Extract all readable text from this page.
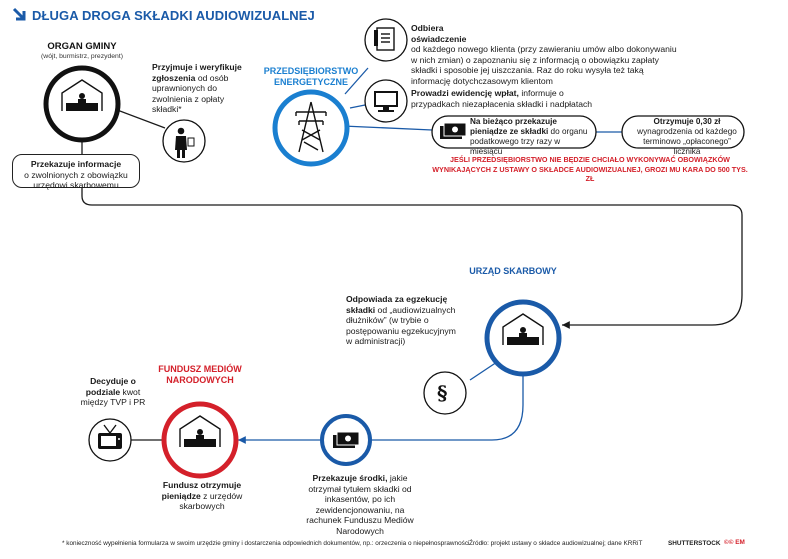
DŁUGA DROGA SKŁADKI AUDIOWIZUALNEJ
ORGAN GMINY
(wójt, burmistrz, prezydent)
Przyjmuje i weryfikuje zgłoszenia od osób uprawnionych do zwolnienia z opłaty składki*
Przekazuje informacje
o zwolnionych z obowiązku urzędowi skarbowemu
PRZEDSIĘBIORSTWO ENERGETYCZNE
Odbiera oświadczenie
od każdego nowego klienta (przy zawieraniu umów albo dokonywaniu w nich zmian) o zapoznaniu się z informacją o obowiązku zapłaty składki i sposobie jej uiszczania. Raz do roku wysyła też taką informację dotychczasowym klientom
Prowadzi ewidencję wpłat, informuje o przypadkach niezapłacenia składki i nadpłatach
Na bieżąco przekazuje pieniądze ze składki do organu podatkowego trzy razy w miesiącu
Otrzymuje 0,30 zł wynagrodzenia od każdego terminowo „opłaconego” licznika
JEŚLI PRZEDSIĘBIORSTWO NIE BĘDZIE CHCIAŁO WYKONYWAĆ OBOWIĄZKÓW WYNIKAJĄCYCH Z USTAWY O SKŁADCE AUDIOWIZUALNEJ, GROZI MU KARA DO 500 TYS. ZŁ
URZĄD SKARBOWY
Odpowiada za egzekucję składki od „audiowizualnych dłużników” (w trybie o postępowaniu egzekucyjnym w administracji)
§
Przekazuje środki, jakie otrzymał tytułem składki od inkasentów, po ich zewidencjonowaniu, na rachunek Funduszu Mediów Narodowych
FUNDUSZ MEDIÓW NARODOWYCH
Decyduje o podziale kwot między TVP i PR
Fundusz otrzymuje pieniądze z urzędów skarbowych
* konieczność wypełnienia formularza w swoim urzędzie gminy i dostarczenia odpowiednich dokumentów, np.: orzeczenia o niepełnosprawności Źródło: projekt ustawy o składce audiowizualnej; dane KRRiT	SHUTTERSTOCK ©© EM
